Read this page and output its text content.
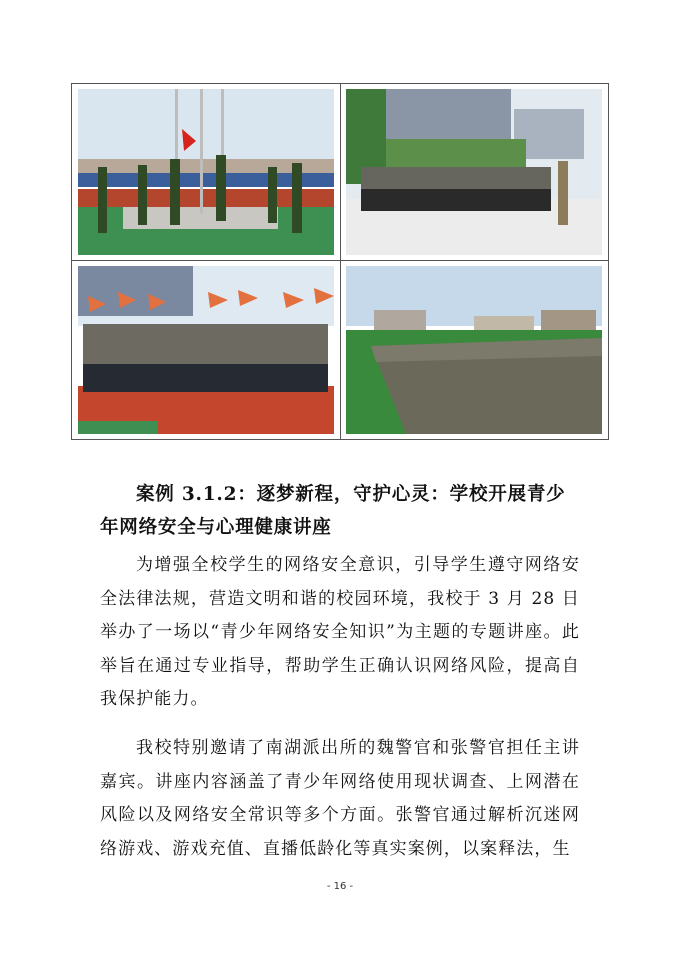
案例 3.1.2：逐梦新程，守护心灵：学校开展青少年网络安全与心理健康讲座

为增强全校学生的网络安全意识，引导学生遵守网络安全法律法规，营造文明和谐的校园环境，我校于 3 月 28 日举办了一场以“青少年网络安全知识”为主题的专题讲座。此举旨在通过专业指导，帮助学生正确认识网络风险，提高自我保护能力。

我校特别邀请了南湖派出所的魏警官和张警官担任主讲嘉宾。讲座内容涵盖了青少年网络使用现状调查、上网潜在风险以及网络安全常识等多个方面。张警官通过解析沉迷网络游戏、游戏充值、直播低龄化等真实案例，以案释法，生

- 16 -
